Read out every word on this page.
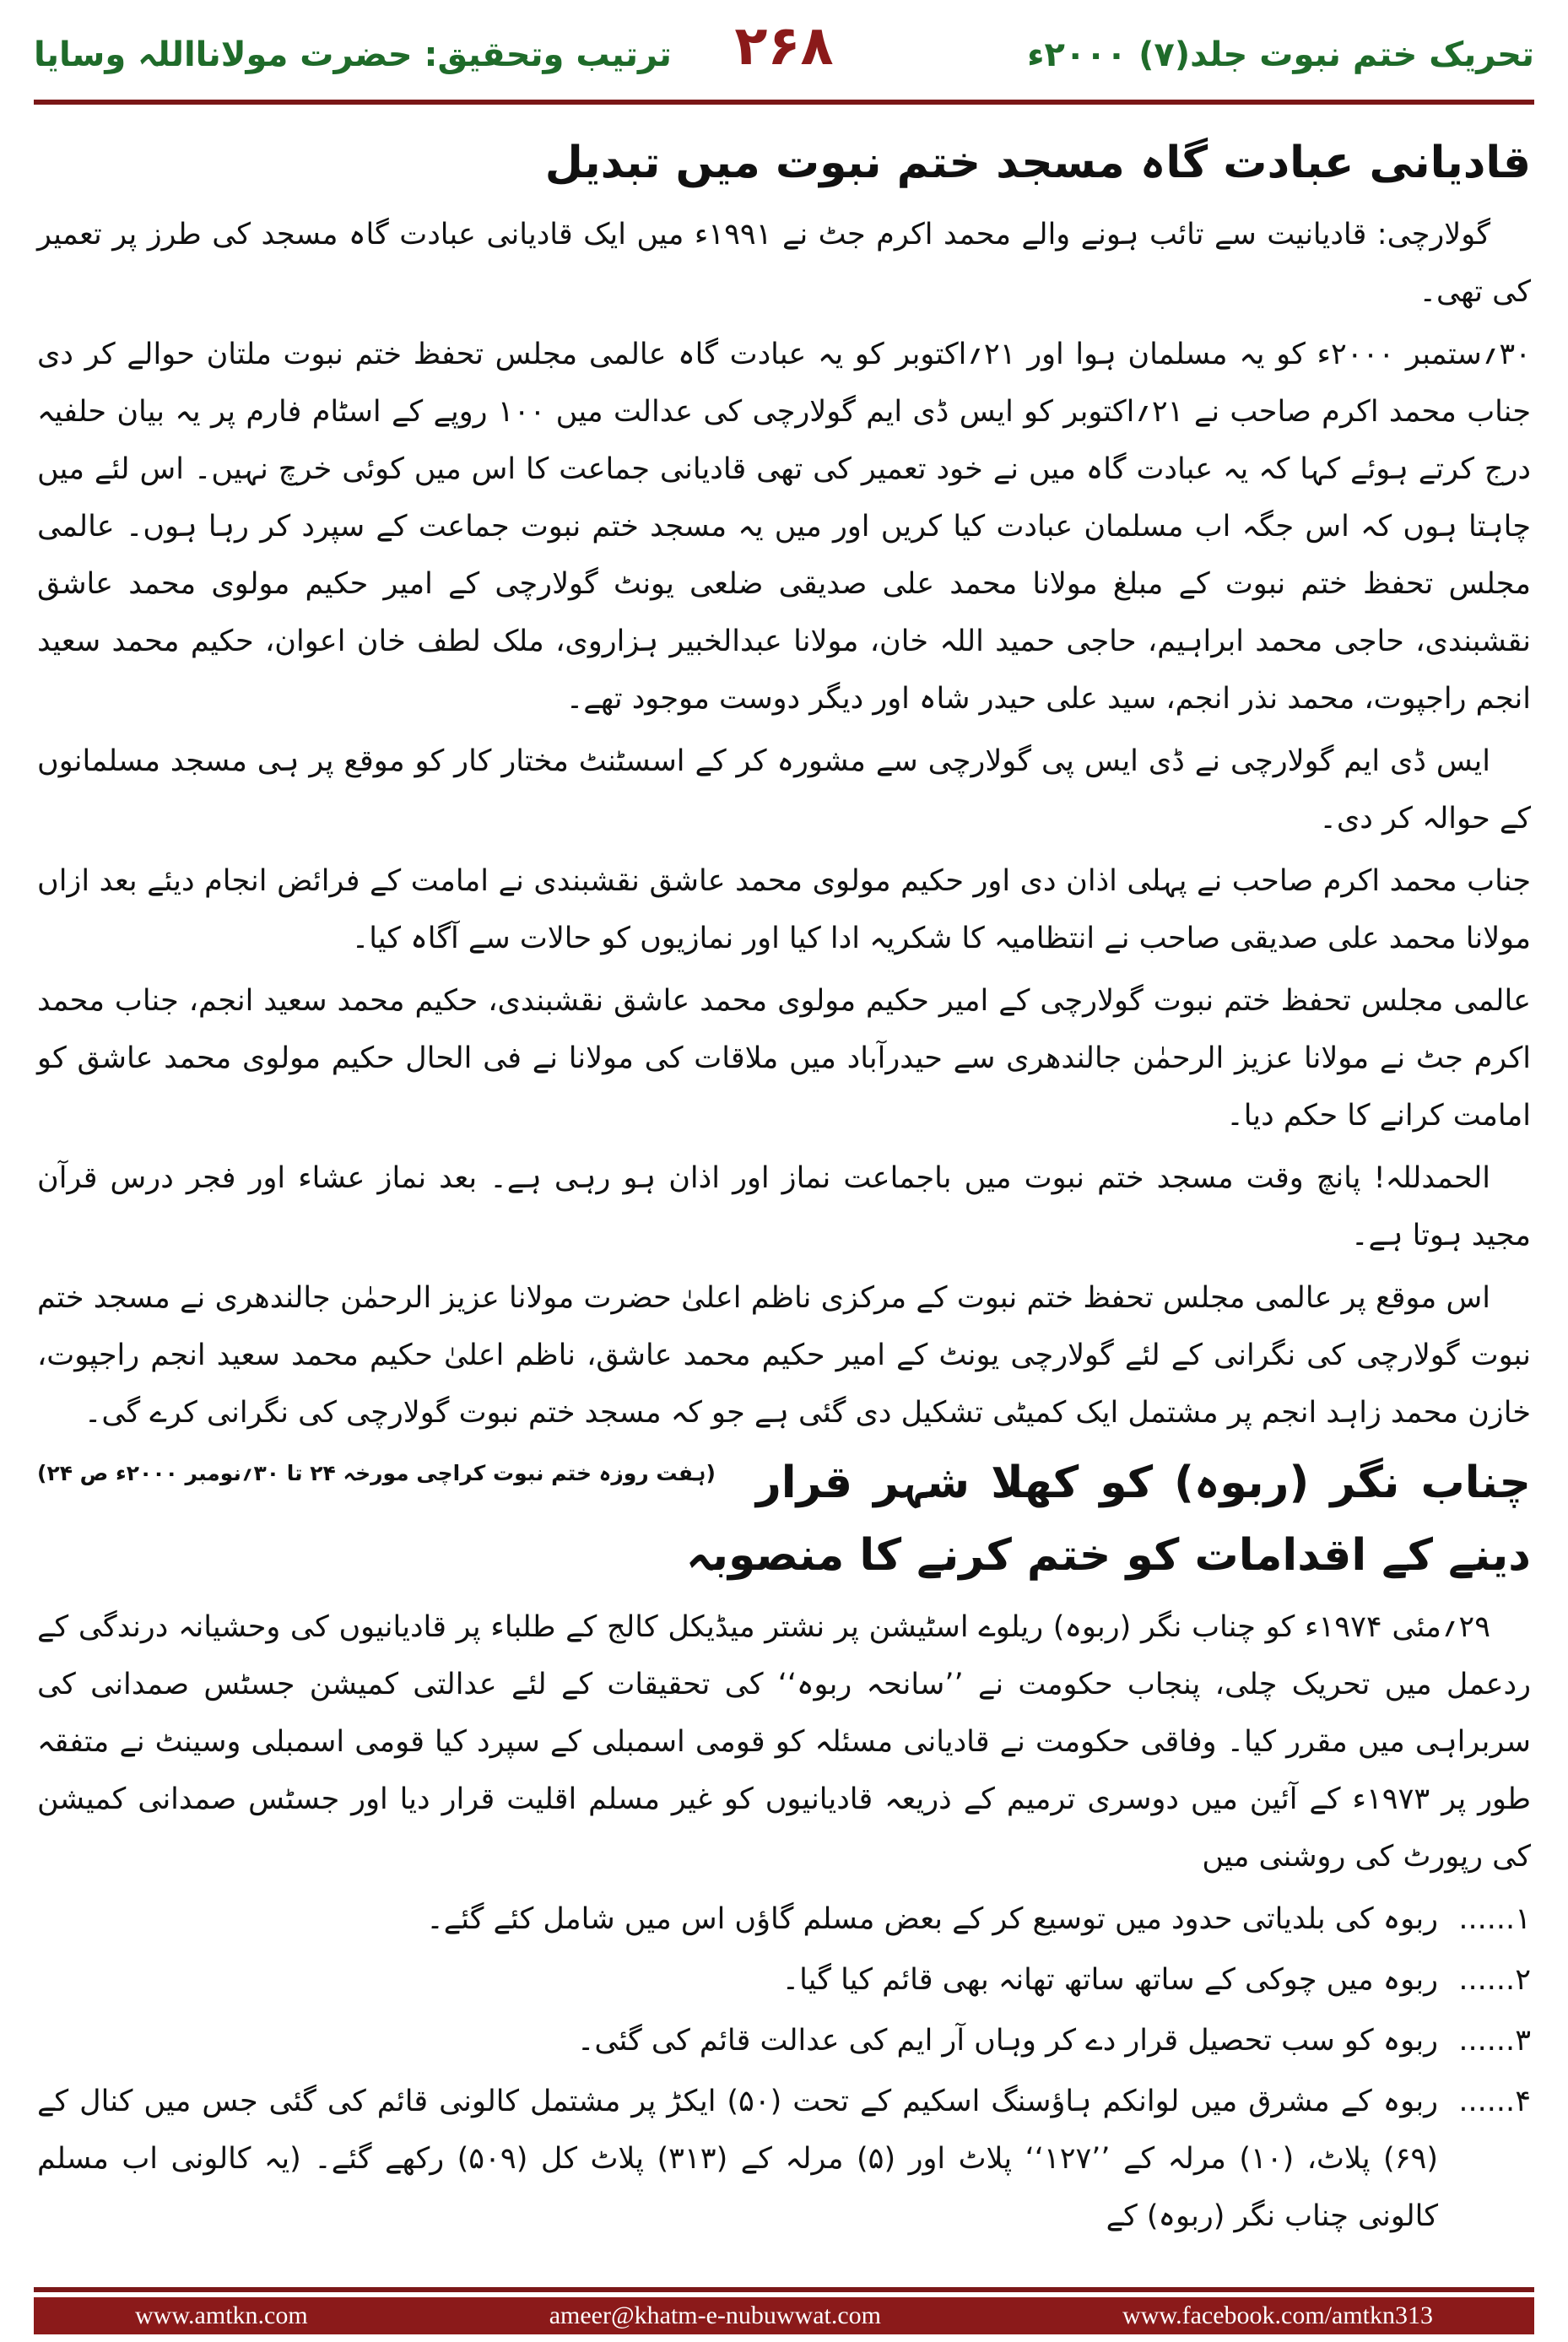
تحریک ختم نبوت جلد(۷) ۲۰۰۰ء
۲۶۸
ترتیب وتحقیق: حضرت مولانااللہ وسایا
قادیانی عبادت گاہ مسجد ختم نبوت میں تبدیل

گولارچی: قادیانیت سے تائب ہونے والے محمد اکرم جٹ نے ۱۹۹۱ء میں ایک قادیانی عبادت گاہ مسجد کی طرز پر تعمیر کی تھی۔

۳۰؍ستمبر ۲۰۰۰ء کو یہ مسلمان ہوا اور ۲۱؍اکتوبر کو یہ عبادت گاہ عالمی مجلس تحفظ ختم نبوت ملتان حوالے کر دی جناب محمد اکرم صاحب نے ۲۱؍اکتوبر کو ایس ڈی ایم گولارچی کی عدالت میں ۱۰۰ روپے کے اسٹام فارم پر یہ بیان حلفیہ درج کرتے ہوئے کہا کہ یہ عبادت گاہ میں نے خود تعمیر کی تھی قادیانی جماعت کا اس میں کوئی خرچ نہیں۔ اس لئے میں چاہتا ہوں کہ اس جگہ اب مسلمان عبادت کیا کریں اور میں یہ مسجد ختم نبوت جماعت کے سپرد کر رہا ہوں۔ عالمی مجلس تحفظ ختم نبوت کے مبلغ مولانا محمد علی صدیقی ضلعی یونٹ گولارچی کے امیر حکیم مولوی محمد عاشق نقشبندی، حاجی محمد ابراہیم، حاجی حمید اللہ خان، مولانا عبدالخبیر ہزاروی، ملک لطف خان اعوان، حکیم محمد سعید انجم راجپوت، محمد نذر انجم، سید علی حیدر شاہ اور دیگر دوست موجود تھے۔

ایس ڈی ایم گولارچی نے ڈی ایس پی گولارچی سے مشورہ کر کے اسسٹنٹ مختار کار کو موقع پر ہی مسجد مسلمانوں کے حوالہ کر دی۔

جناب محمد اکرم صاحب نے پہلی اذان دی اور حکیم مولوی محمد عاشق نقشبندی نے امامت کے فرائض انجام دیئے بعد ازاں مولانا محمد علی صدیقی صاحب نے انتظامیہ کا شکریہ ادا کیا اور نمازیوں کو حالات سے آگاہ کیا۔

عالمی مجلس تحفظ ختم نبوت گولارچی کے امیر حکیم مولوی محمد عاشق نقشبندی، حکیم محمد سعید انجم، جناب محمد اکرم جٹ نے مولانا عزیز الرحمٰن جالندھری سے حیدرآباد میں ملاقات کی مولانا نے فی الحال حکیم مولوی محمد عاشق کو امامت کرانے کا حکم دیا۔

الحمدللہ! پانچ وقت مسجد ختم نبوت میں باجماعت نماز اور اذان ہو رہی ہے۔ بعد نماز عشاء اور فجر درس قرآن مجید ہوتا ہے۔

اس موقع پر عالمی مجلس تحفظ ختم نبوت کے مرکزی ناظم اعلیٰ حضرت مولانا عزیز الرحمٰن جالندھری نے مسجد ختم نبوت گولارچی کی نگرانی کے لئے گولارچی یونٹ کے امیر حکیم محمد عاشق، ناظم اعلیٰ حکیم محمد سعید انجم راجپوت، خازن محمد زاہد انجم پر مشتمل ایک کمیٹی تشکیل دی گئی ہے جو کہ مسجد ختم نبوت گولارچی کی نگرانی کرے گی۔
(ہفت روزہ ختم نبوت کراچی مورخہ ۲۴ تا ۳۰؍نومبر ۲۰۰۰ء ص ۲۴) چناب نگر (ربوہ) کو کھلا شہر قرار دینے کے اقدامات کو ختم کرنے کا منصوبہ

۲۹؍مئی ۱۹۷۴ء کو چناب نگر (ربوہ) ریلوے اسٹیشن پر نشتر میڈیکل کالج کے طلباء پر قادیانیوں کی وحشیانہ درندگی کے ردعمل میں تحریک چلی، پنجاب حکومت نے ’’سانحہ ربوہ‘‘ کی تحقیقات کے لئے عدالتی کمیشن جسٹس صمدانی کی سربراہی میں مقرر کیا۔ وفاقی حکومت نے قادیانی مسئلہ کو قومی اسمبلی کے سپرد کیا قومی اسمبلی وسینٹ نے متفقہ طور پر ۱۹۷۳ء کے آئین میں دوسری ترمیم کے ذریعہ قادیانیوں کو غیر مسلم اقلیت قرار دیا اور جسٹس صمدانی کمیشن کی رپورٹ کی روشنی میں

۱......
ربوہ کی بلدیاتی حدود میں توسیع کر کے بعض مسلم گاؤں اس میں شامل کئے گئے۔
۲......
ربوہ میں چوکی کے ساتھ ساتھ تھانہ بھی قائم کیا گیا۔
۳......
ربوہ کو سب تحصیل قرار دے کر وہاں آر ایم کی عدالت قائم کی گئی۔
۴......
ربوہ کے مشرق میں لوانکم ہاؤسنگ اسکیم کے تحت (۵۰) ایکڑ پر مشتمل کالونی قائم کی گئی جس میں کنال کے (۶۹) پلاٹ، (۱۰) مرلہ کے ’’۱۲۷‘‘ پلاٹ اور (۵) مرلہ کے (۳۱۳) پلاٹ کل (۵۰۹) رکھے گئے۔ (یہ کالونی اب مسلم کالونی چناب نگر (ربوہ) کے
www.amtkn.com	ameer@khatm-e-nubuwwat.com	www.facebook.com/amtkn313
